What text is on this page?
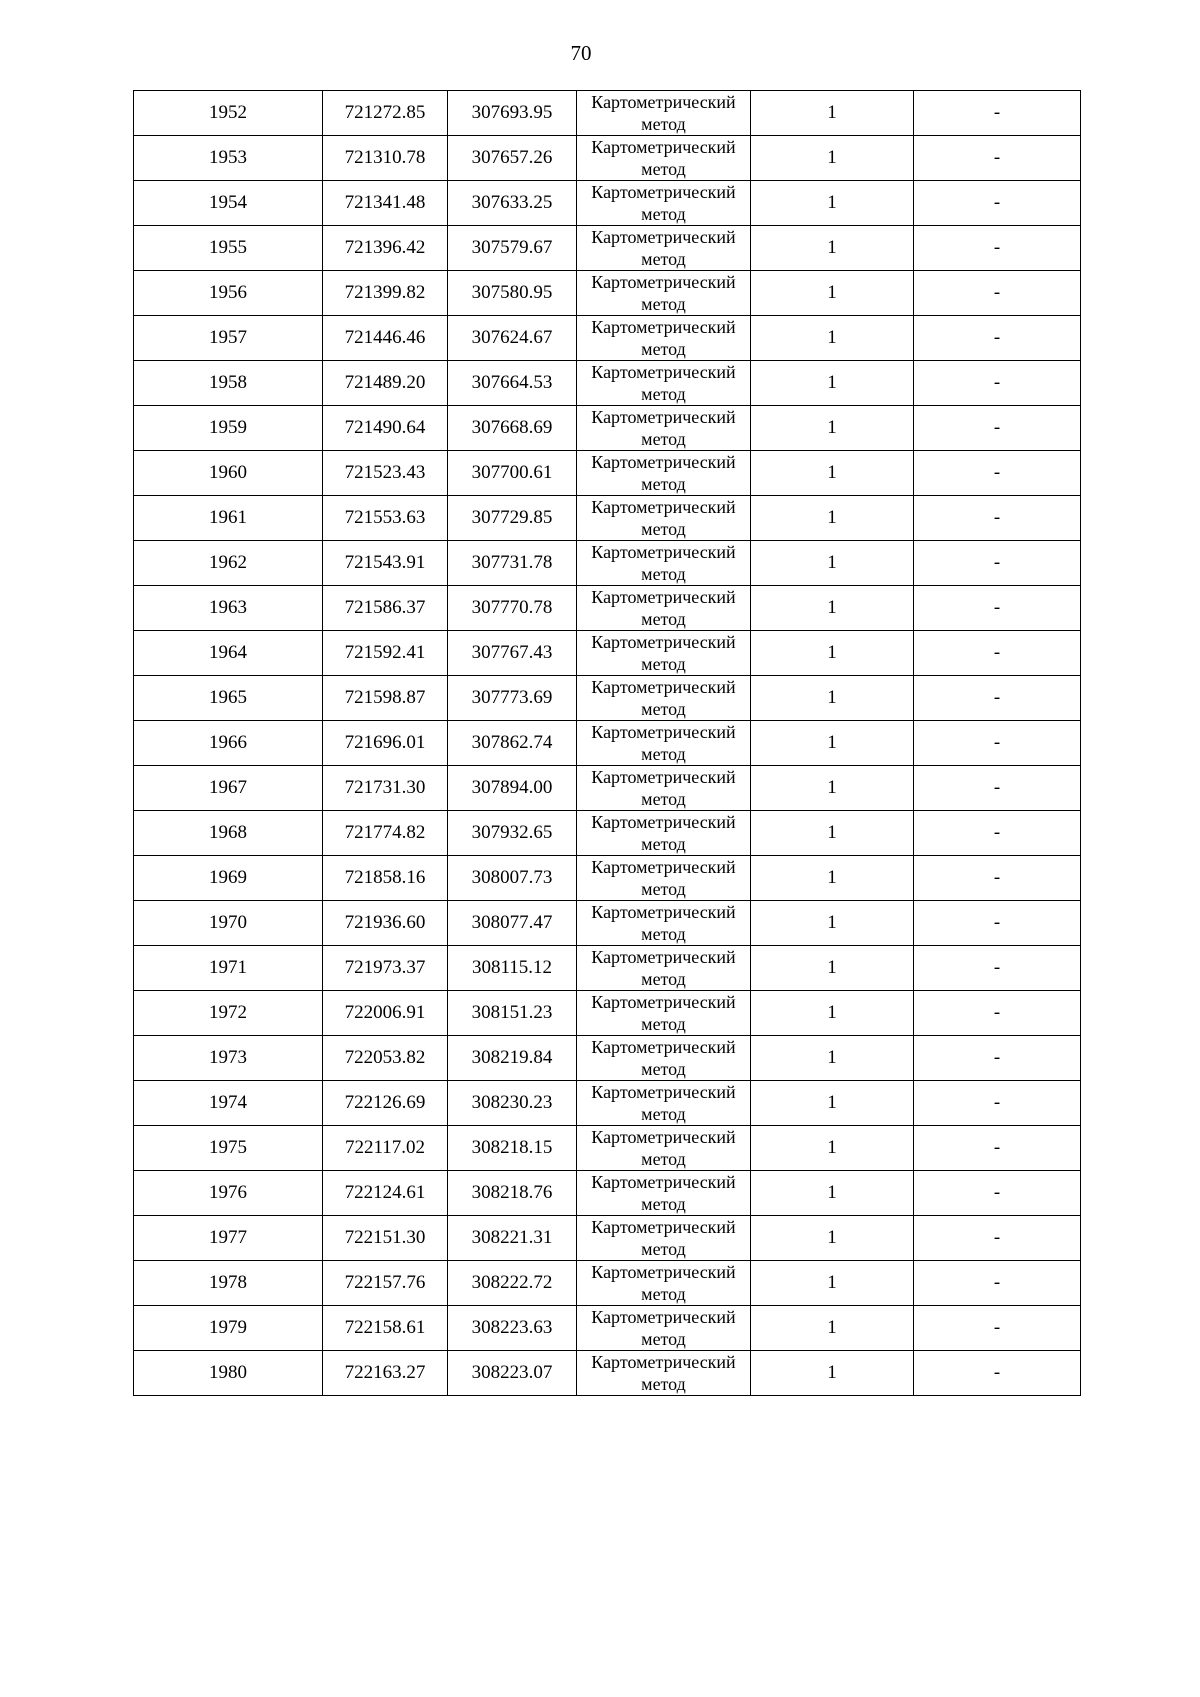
70
1952	721272.85	307693.95	Картометрический метод	1	-
1953	721310.78	307657.26	Картометрический метод	1	-
1954	721341.48	307633.25	Картометрический метод	1	-
1955	721396.42	307579.67	Картометрический метод	1	-
1956	721399.82	307580.95	Картометрический метод	1	-
1957	721446.46	307624.67	Картометрический метод	1	-
1958	721489.20	307664.53	Картометрический метод	1	-
1959	721490.64	307668.69	Картометрический метод	1	-
1960	721523.43	307700.61	Картометрический метод	1	-
1961	721553.63	307729.85	Картометрический метод	1	-
1962	721543.91	307731.78	Картометрический метод	1	-
1963	721586.37	307770.78	Картометрический метод	1	-
1964	721592.41	307767.43	Картометрический метод	1	-
1965	721598.87	307773.69	Картометрический метод	1	-
1966	721696.01	307862.74	Картометрический метод	1	-
1967	721731.30	307894.00	Картометрический метод	1	-
1968	721774.82	307932.65	Картометрический метод	1	-
1969	721858.16	308007.73	Картометрический метод	1	-
1970	721936.60	308077.47	Картометрический метод	1	-
1971	721973.37	308115.12	Картометрический метод	1	-
1972	722006.91	308151.23	Картометрический метод	1	-
1973	722053.82	308219.84	Картометрический метод	1	-
1974	722126.69	308230.23	Картометрический метод	1	-
1975	722117.02	308218.15	Картометрический метод	1	-
1976	722124.61	308218.76	Картометрический метод	1	-
1977	722151.30	308221.31	Картометрический метод	1	-
1978	722157.76	308222.72	Картометрический метод	1	-
1979	722158.61	308223.63	Картометрический метод	1	-
1980	722163.27	308223.07	Картометрический метод	1	-
